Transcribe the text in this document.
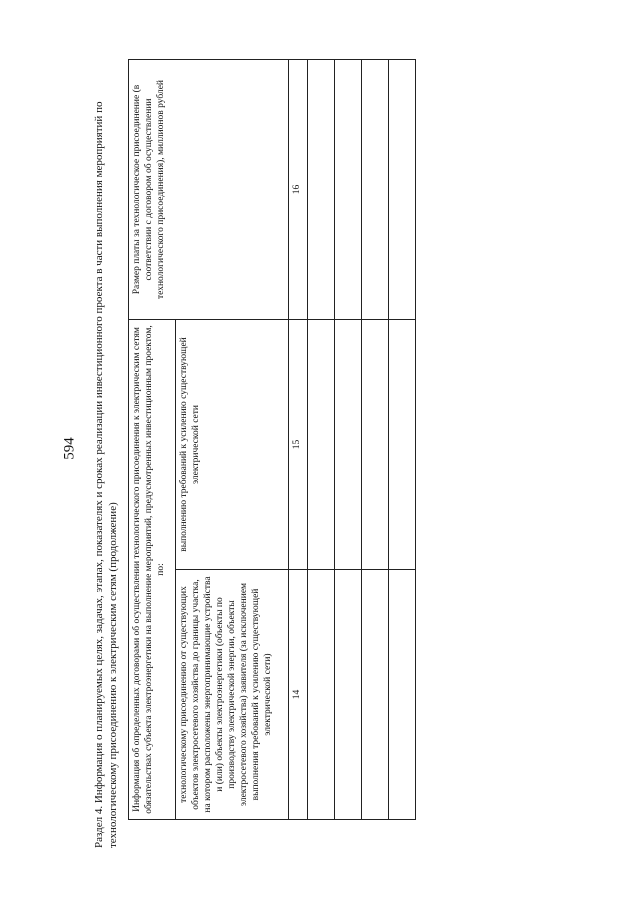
594 Раздел 4. Информация о планируемых целях, задачах, этапах, показателях и сроках реализации инвестиционного проекта в части выполнения мероприятий по технологическому присоединению к электрическим сетям (продолжение) Информация об определенных договорами об осуществлении технологического присоединения к электрическим сетям обязательствах субъекта электроэнергетики на выполнение мероприятий, предусмотренных инвестиционным проектом, по:		Размер платы за технологическое присоединение (в соответствии с договором об осуществлении технологического присоединения), миллионов рублей
технологическому присоединению от существующих объектов электросетевого хозяйства до границы участка, на котором расположены энергопринимающие устройства и (или) объекты электроэнергетики (объекты по производству электрической энергии, объекты электросетевого хозяйства) заявителя (за исключением выполнения требований к усилению существующей электрической сети)	выполнению требований к усилению существующей электрической сети	
14	15	16
